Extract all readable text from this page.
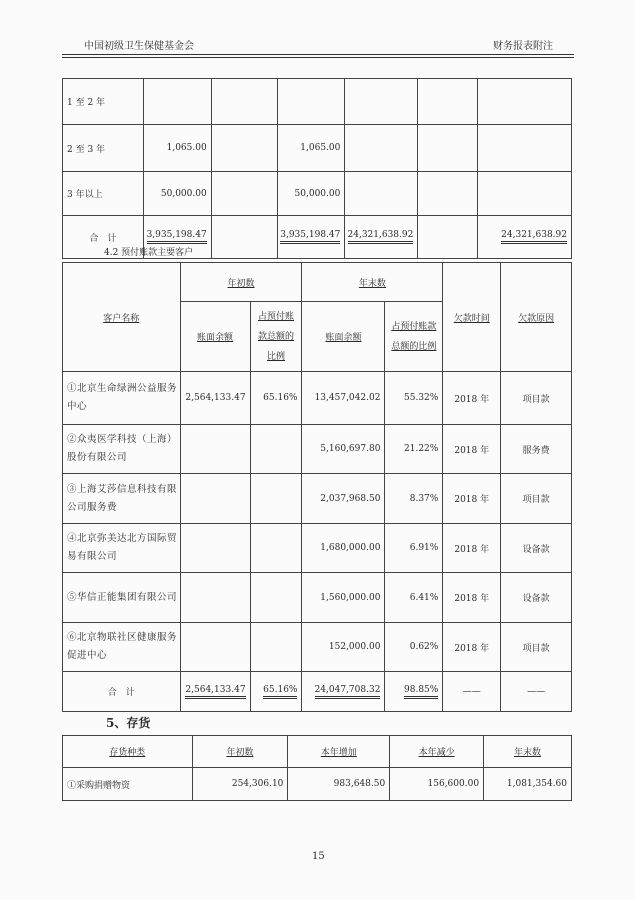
中国初级卫生保健基金会	财务报表附注
1 至 2 年						
2 至 3 年	1,065.00		1,065.00			
3 年以上	50,000.00		50,000.00			
合　计	3,935,198.47		3,935,198.47	24,321,638.92		24,321,638.92
4.2 预付账款主要客户
客户名称	年初数		年末数		欠款时间	欠款原因
	账面余额	占预付账款总额的比例	账面余额	占预付账款总额的比例		
①北京生命绿洲公益服务中心	2,564,133.47	65.16%	13,457,042.02	55.32%	2018 年	项目款
②众夷医学科技（上海）股份有限公司			5,160,697.80	21.22%	2018 年	服务费
③上海艾莎信息科技有限公司服务费			2,037,968.50	8.37%	2018 年	项目款
④北京弥美达北方国际贸易有限公司			1,680,000.00	6.91%	2018 年	设备款
⑤华信正能集团有限公司			1,560,000.00	6.41%	2018 年	设备款
⑥北京物联社区健康服务促进中心			152,000.00	0.62%	2018 年	项目款
合　计	2,564,133.47	65.16%	24,047,708.32	98.85%	——	——
5、存货
存货种类	年初数	本年增加	本年减少	年末数
①采购捐赠物资	254,306.10	983,648.50	156,600.00	1,081,354.60
15
